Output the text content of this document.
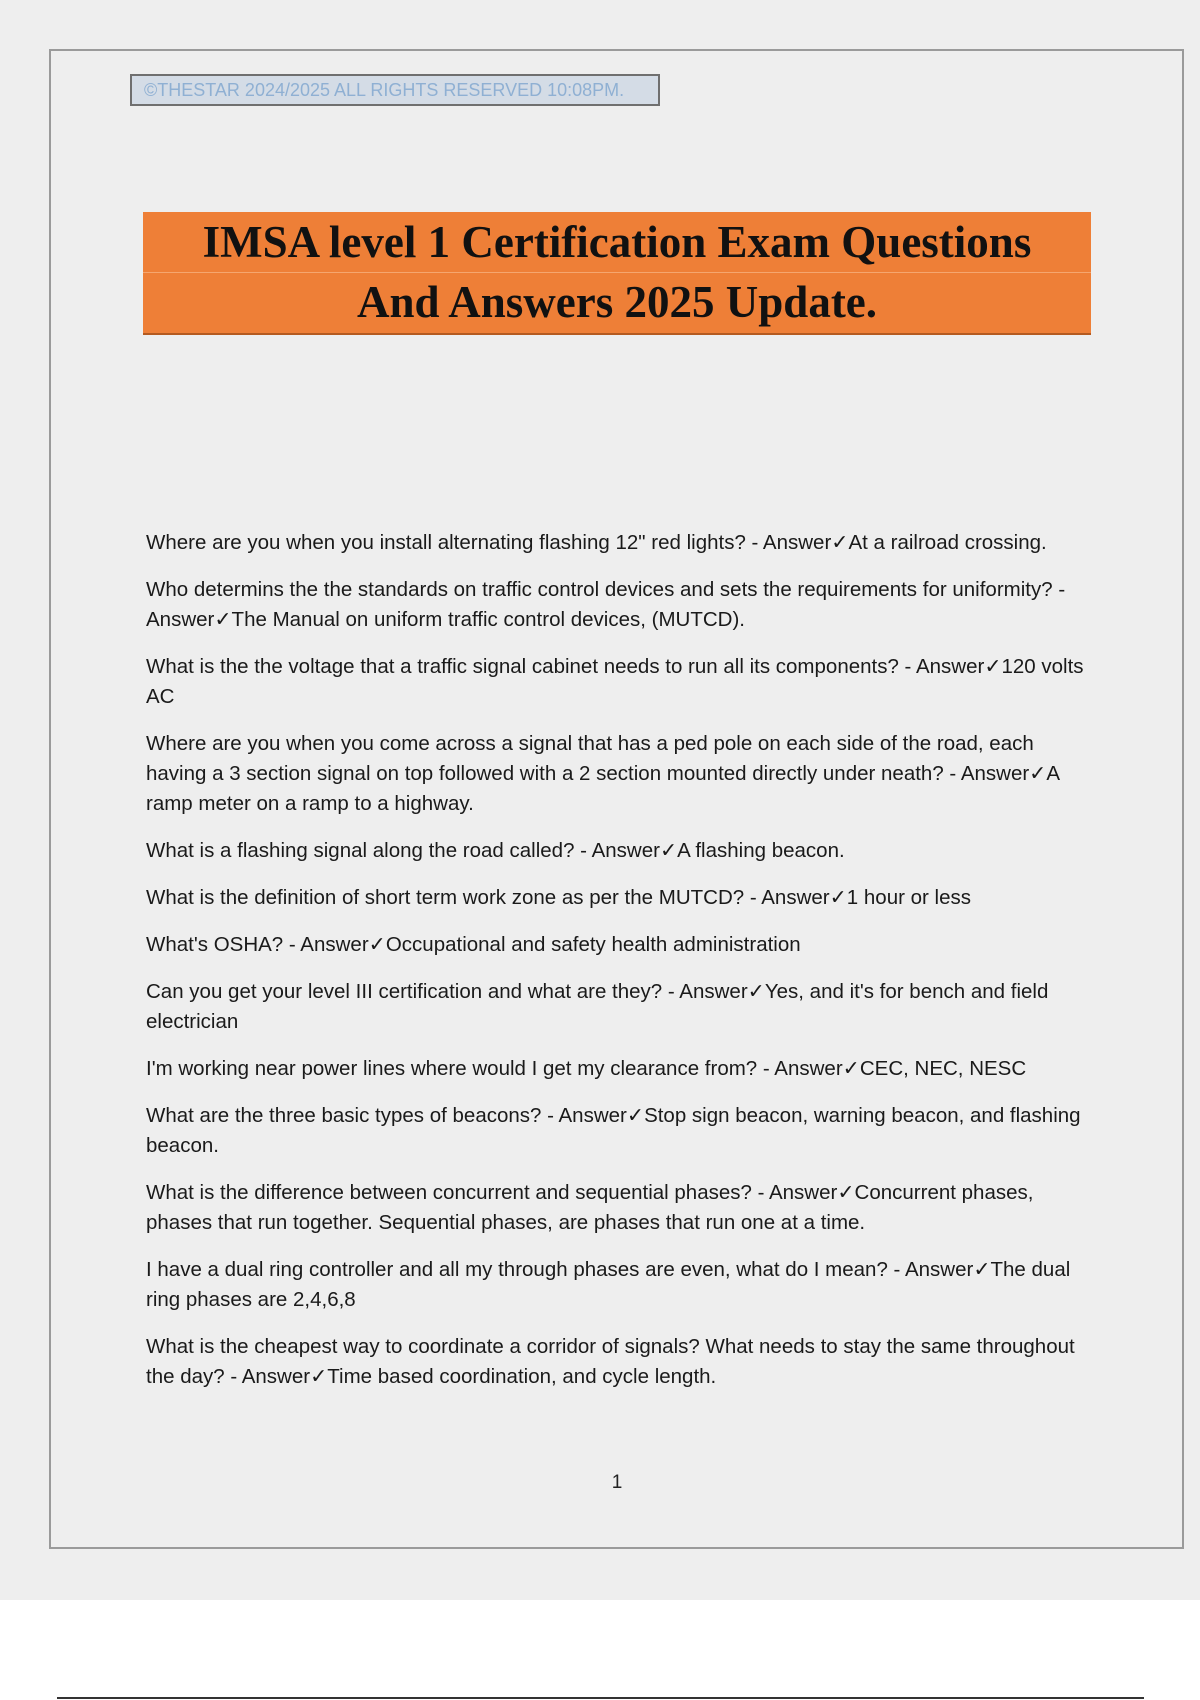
©THESTAR 2024/2025 ALL RIGHTS RESERVED 10:08PM.
IMSA level 1 Certification Exam Questions
And Answers 2025 Update.

Where are you when you install alternating flashing 12" red lights? - Answer✓At a railroad crossing.

Who determins the the standards on traffic control devices and sets the requirements for uniformity? - Answer✓The Manual on uniform traffic control devices, (MUTCD).

What is the the voltage that a traffic signal cabinet needs to run all its components? - Answer✓120 volts AC

Where are you when you come across a signal that has a ped pole on each side of the road, each having a 3 section signal on top followed with a 2 section mounted directly under neath? - Answer✓A ramp meter on a ramp to a highway.

What is a flashing signal along the road called? - Answer✓A flashing beacon.

What is the definition of short term work zone as per the MUTCD? - Answer✓1 hour or less

What's OSHA? - Answer✓Occupational and safety health administration

Can you get your level III certification and what are they? - Answer✓Yes, and it's for bench and field electrician

I'm working near power lines where would I get my clearance from? - Answer✓CEC, NEC, NESC

What are the three basic types of beacons? - Answer✓Stop sign beacon, warning beacon, and flashing beacon.

What is the difference between concurrent and sequential phases? - Answer✓Concurrent phases, phases that run together. Sequential phases, are phases that run one at a time.

I have a dual ring controller and all my through phases are even, what do I mean? - Answer✓The dual ring phases are 2,4,6,8

What is the cheapest way to coordinate a corridor of signals? What needs to stay the same throughout the day? - Answer✓Time based coordination, and cycle length.

1
